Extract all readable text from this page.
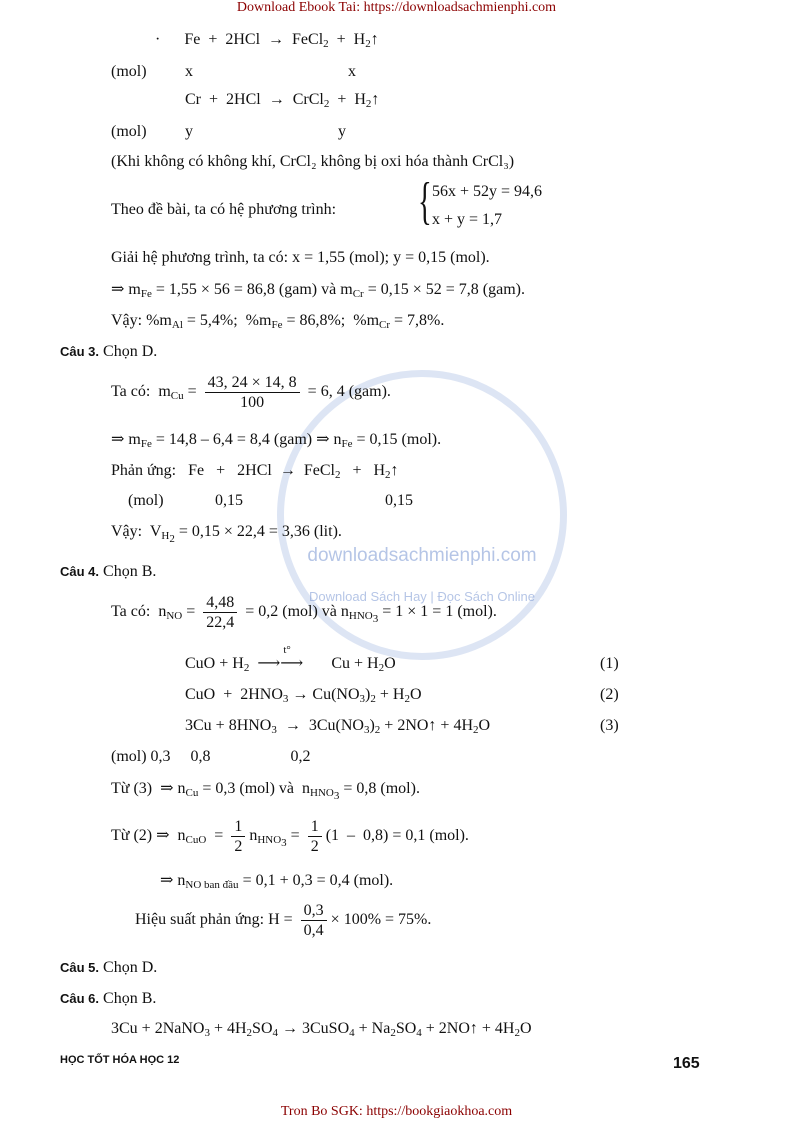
Download Ebook Tai: https://downloadsachmienphi.com
downloadsachmienphi.com
Download Sách Hay | Đọc Sách Online
·      Fe  +  2HCl  →  FeCl$_2$  +  $H_2↑$
(mol) x	x
Cr  +  2HCl  →  CrCl$_2$  +  $H_2↑$
(mol) y	y
(Khi không có không khí, CrCl₂ không bị oxi hóa thành CrCl₃)
Theo đề bài, ta có hệ phương trình: { 56x + 52y = 94,6
x + y = 1,7
Giải hệ phương trình, ta có: x = 1,55 (mol); y = 0,15 (mol).
⇒ $m_{Fe} = 1,55 \times 56 = 86,8$ (gam) và $m_{Cr} = 0,15 \times 52 = 7,8$ (gam).
Vậy: $\%m_{Al} = 5,4\%$;  $\%m_{Fe} = 86,8\%$;  $\%m_{Cr} = 7,8\%$.
Câu 3. Chọn D.
Ta có:  $m_{Cu} = \frac{43, 24 \times 14, 8}{100} = 6$, 4 (gam).
⇒ $m_{Fe} = 14,8 - 6,4 = 8,4$ (gam) ⇒ $n_{Fe} = 0,15$ (mol).
Phản ứng:   Fe   +   2HCl  →  FeCl$_2$   +   $H_2↑$
(mol)	0,15	0,15
Vậy:  $V_{H_2} = 0,15 \times 22,4 = 3,36$ (lit).
Câu 4. Chọn B.
Ta có:  $n_{NO} = \frac{4,48}{22,4} = 0,2$ (mol) và $n_{HNO_3} = 1 \times 1 = 1$ (mol).
CuO + $H_2$
t°
⟶⟶ $Cu + H_2O$	(1)
CuO  +  $2HNO_3 \to Cu(NO_3)_2 + H_2O$	(2)
$3Cu + 8HNO_3 \to 3Cu(NO_3)_2$ + 2NO↑ + $4H_2O$	(3)
(mol) 0,3     0,8                    0,2
Từ (3)  ⇒ $n_{Cu} = 0,3$ (mol) và  $n_{HNO_3} = 0,8$ (mol).
Từ (2) ⇒  $n_{CuO} = \frac{1}{2} n_{HNO_3} = \frac{1}{2} (1 - 0,8) = 0,1$ (mol).
⇒ $n_{NO ban đầu} = 0,1 + 0,3 = 0,4$ (mol).
Hiệu suất phản ứng: $H = \frac{0,3}{0,4} \times 100\% = 75\%$.
Câu 5. Chọn D.
Câu 6. Chọn B.
3Cu + 2NaNO$_3$ + $4H_2SO_4$ → 3CuSO$_4$ + $Na_2SO_4$ + 2NO↑ + $4H_2O$
HỌC TỐT HÓA HỌC 12	165
Tron Bo SGK: https://bookgiaokhoa.com
